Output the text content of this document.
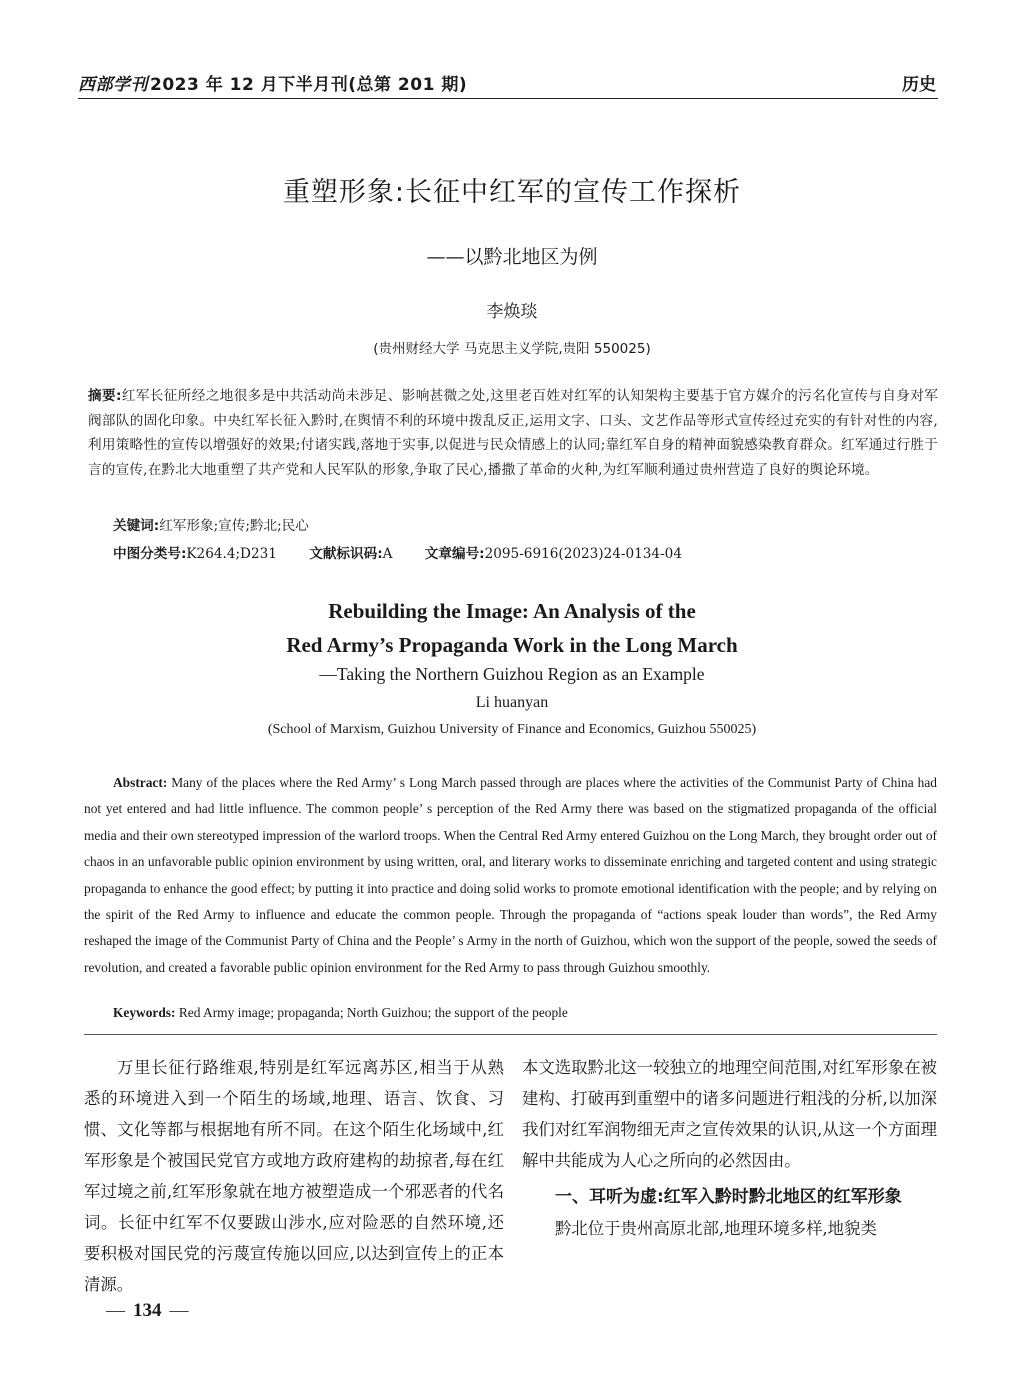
西部学刊 2023 年 12 月下半月刊(总第 201 期)	历史
重塑形象:长征中红军的宣传工作探析
——以黔北地区为例
李焕琰
(贵州财经大学 马克思主义学院,贵阳 550025)
摘要:红军长征所经之地很多是中共活动尚未涉足、影响甚微之处,这里老百姓对红军的认知架构主要基于官方媒介的污名化宣传与自身对军阀部队的固化印象。中央红军长征入黔时,在舆情不利的环境中拨乱反正,运用文字、口头、文艺作品等形式宣传经过充实的有针对性的内容,利用策略性的宣传以增强好的效果;付诸实践,落地于实事,以促进与民众情感上的认同;靠红军自身的精神面貌感染教育群众。红军通过行胜于言的宣传,在黔北大地重塑了共产党和人民军队的形象,争取了民心,播撒了革命的火种,为红军顺利通过贵州营造了良好的舆论环境。
关键词:红军形象;宣传;黔北;民心
中图分类号:K264.4;D231 文献标识码:A 文章编号:2095-6916(2023)24-0134-04
Rebuilding the Image: An Analysis of the
Red Army’s Propaganda Work in the Long March
—Taking the Northern Guizhou Region as an Example
Li huanyan
(School of Marxism, Guizhou University of Finance and Economics, Guizhou 550025)
Abstract: Many of the places where the Red Army’ s Long March passed through are places where the activities of the Communist Party of China had not yet entered and had little influence. The common people’ s perception of the Red Army there was based on the stigmatized propaganda of the official media and their own stereotyped impression of the warlord troops. When the Central Red Army entered Guizhou on the Long March, they brought order out of chaos in an unfavorable public opinion environment by using written, oral, and literary works to disseminate enriching and targeted content and using strategic propaganda to enhance the good effect; by putting it into practice and doing solid works to promote emotional identification with the people; and by relying on the spirit of the Red Army to influence and educate the common people. Through the propaganda of “actions speak louder than words”, the Red Army reshaped the image of the Communist Party of China and the People’ s Army in the north of Guizhou, which won the support of the people, sowed the seeds of revolution, and created a favorable public opinion environment for the Red Army to pass through Guizhou smoothly.
Keywords: Red Army image; propaganda; North Guizhou; the support of the people
万里长征行路维艰,特别是红军远离苏区,相当于从熟悉的环境进入到一个陌生的场域,地理、语言、饮食、习惯、文化等都与根据地有所不同。在这个陌生化场域中,红军形象是个被国民党官方或地方政府建构的劫掠者,每在红军过境之前,红军形象就在地方被塑造成一个邪恶者的代名词。长征中红军不仅要跋山涉水,应对险恶的自然环境,还要积极对国民党的污蔑宣传施以回应,以达到宣传上的正本清源。

本文选取黔北这一较独立的地理空间范围,对红军形象在被建构、打破再到重塑中的诸多问题进行粗浅的分析,以加深我们对红军润物细无声之宣传效果的认识,从这一个方面理解中共能成为人心之所向的必然因由。

一、耳听为虚:红军入黔时黔北地区的红军形象

黔北位于贵州高原北部,地理环境多样,地貌类

— 134 —
